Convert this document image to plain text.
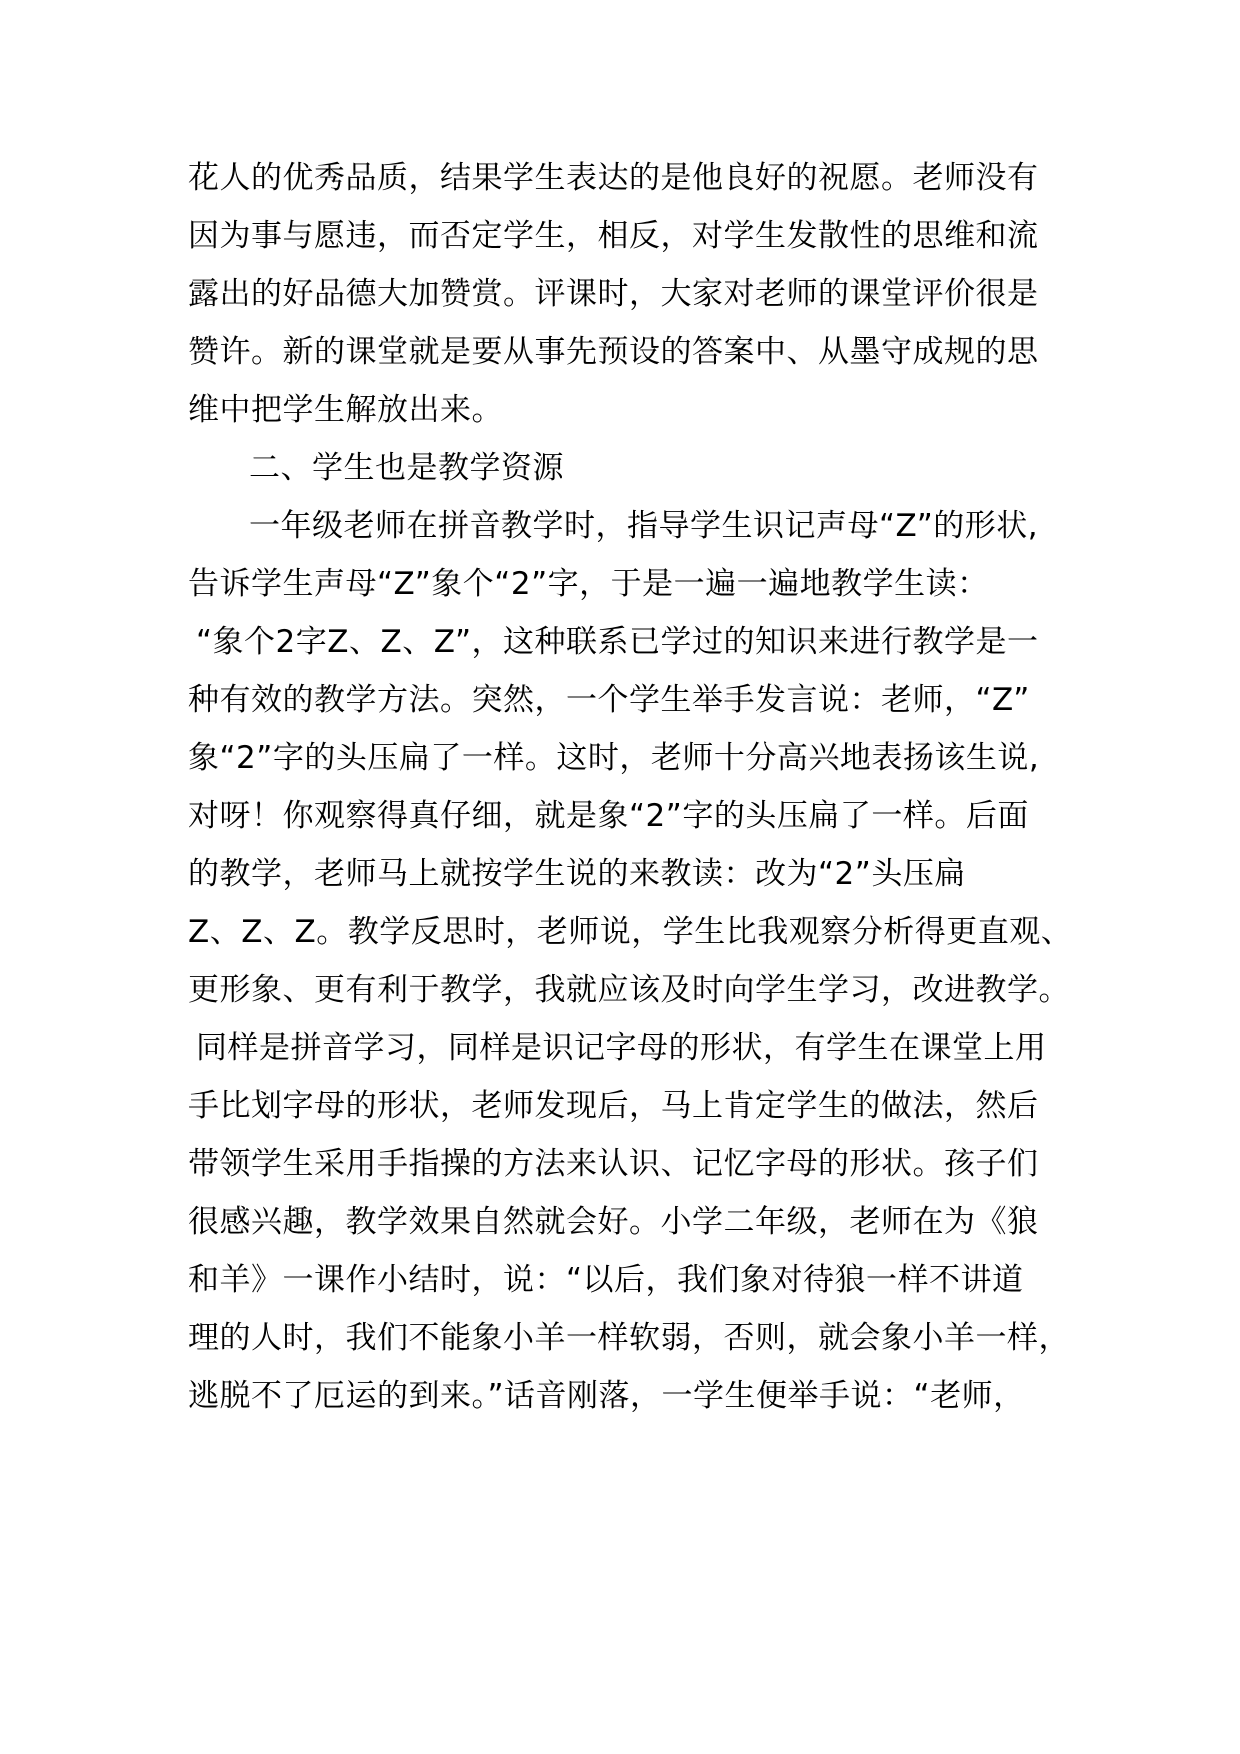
花人的优秀品质，结果学生表达的是他良好的祝愿。老师没有
因为事与愿违，而否定学生，相反，对学生发散性的思维和流
露出的好品德大加赞赏。评课时，大家对老师的课堂评价很是
赞许。新的课堂就是要从事先预设的答案中、从墨守成规的思
维中把学生解放出来。
二、学生也是教学资源
一年级老师在拼音教学时，指导学生识记声母“Z”的形状,
告诉学生声母“Z”象个“2”字，于是一遍一遍地教学生读：
“象个2字Z、Z、Z”，这种联系已学过的知识来进行教学是一
种有效的教学方法。突然，一个学生举手发言说：老师，“Z”
象“2”字的头压扁了一样。这时，老师十分高兴地表扬该生说,
对呀！你观察得真仔细，就是象“2”字的头压扁了一样。后面
的教学，老师马上就按学生说的来教读：改为“2”头压扁
Z、Z、Z。教学反思时，老师说，学生比我观察分析得更直观、
更形象、更有利于教学，我就应该及时向学生学习，改进教学。
同样是拼音学习，同样是识记字母的形状，有学生在课堂上用
手比划字母的形状，老师发现后，马上肯定学生的做法，然后
带领学生采用手指操的方法来认识、记忆字母的形状。孩子们
很感兴趣，教学效果自然就会好。小学二年级，老师在为《狼
和羊》一课作小结时，说：“以后，我们象对待狼一样不讲道
理的人时，我们不能象小羊一样软弱，否则，就会象小羊一样，
逃脱不了厄运的到来。”话音刚落，一学生便举手说：“老师，
